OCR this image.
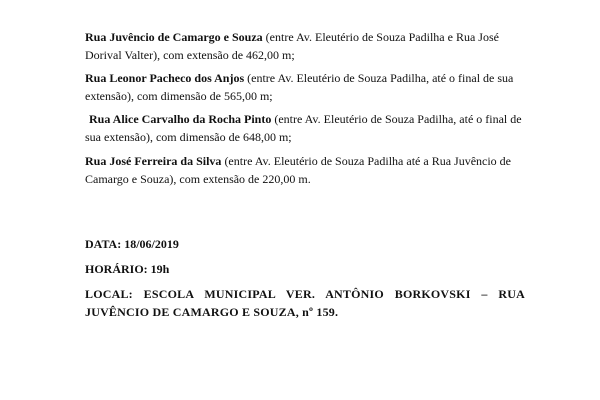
Rua Juvêncio de Camargo e Souza (entre Av. Eleutério de Souza Padilha e Rua José Dorival Valter), com extensão de 462,00 m;

Rua Leonor Pacheco dos Anjos (entre Av. Eleutério de Souza Padilha, até o final de sua extensão), com dimensão de 565,00 m;

Rua Alice Carvalho da Rocha Pinto (entre Av. Eleutério de Souza Padilha, até o final de sua extensão), com dimensão de 648,00 m;

Rua José Ferreira da Silva (entre Av. Eleutério de Souza Padilha até a Rua Juvêncio de Camargo e Souza), com extensão de 220,00 m.

DATA: 18/06/2019

HORÁRIO: 19h

LOCAL: ESCOLA MUNICIPAL VER. ANTÔNIO BORKOVSKI – RUA JUVÊNCIO DE CAMARGO E SOUZA, nº 159.
